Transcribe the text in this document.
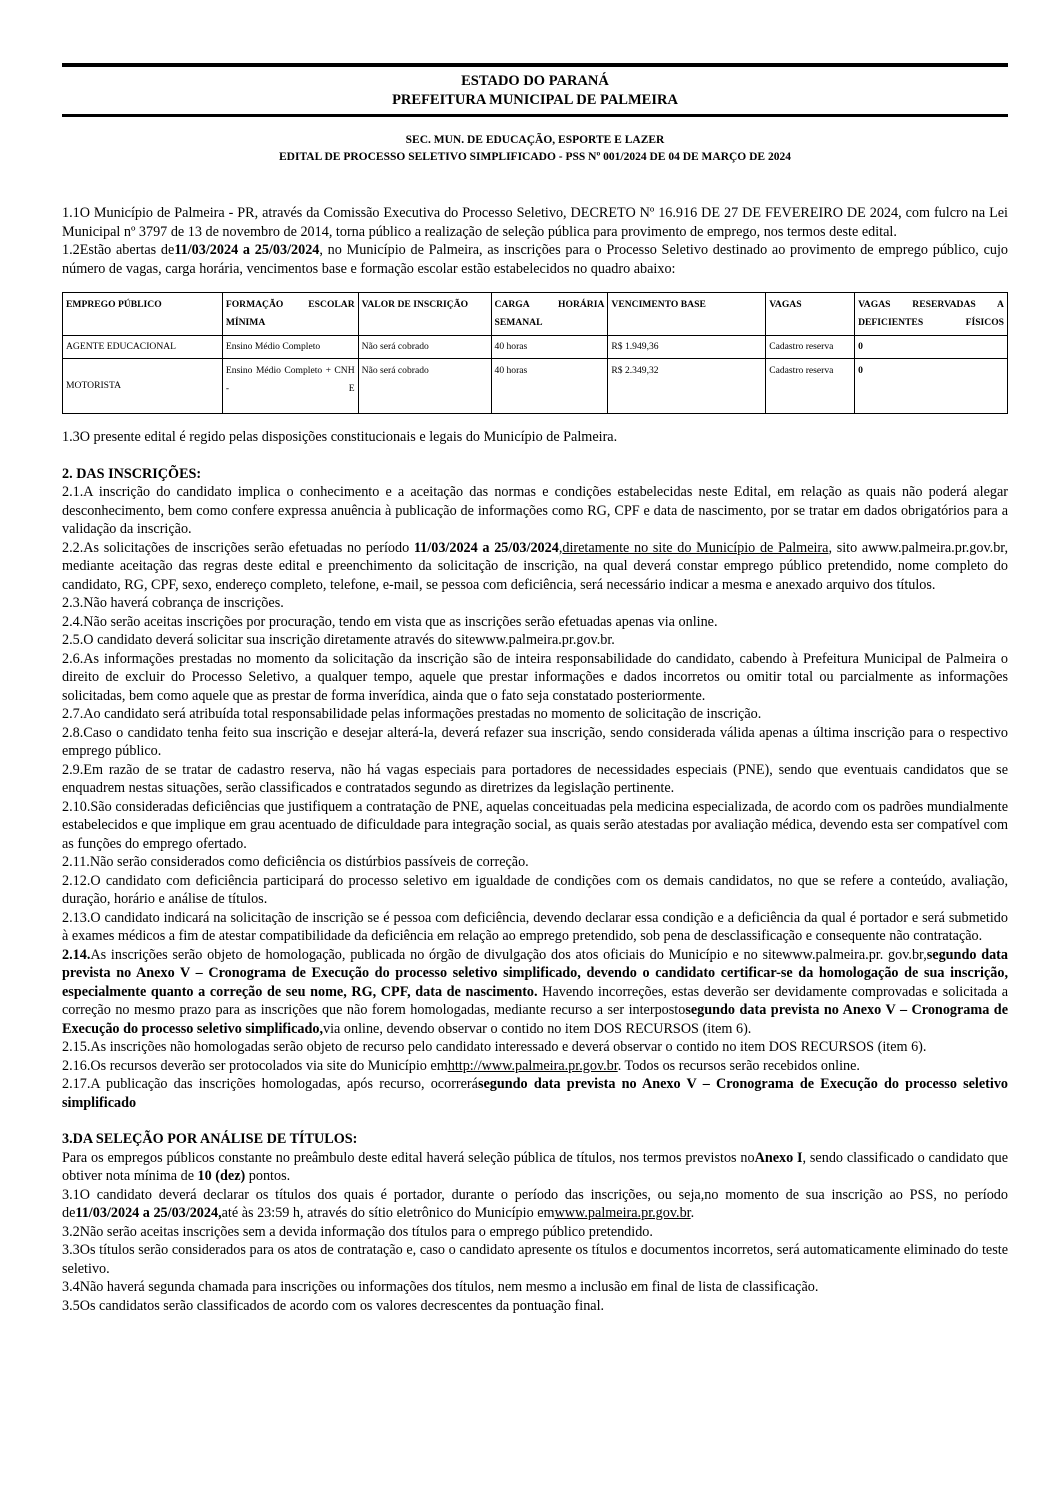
ESTADO DO PARANÁ
PREFEITURA MUNICIPAL DE PALMEIRA
SEC. MUN. DE EDUCAÇÃO, ESPORTE E LAZER
EDITAL DE PROCESSO SELETIVO SIMPLIFICADO - PSS Nº 001/2024 DE 04 DE MARÇO DE 2024

1.1O Município de Palmeira - PR, através da Comissão Executiva do Processo Seletivo, DECRETO Nº 16.916 DE 27 DE FEVEREIRO DE 2024, com fulcro na Lei Municipal nº 3797 de 13 de novembro de 2014, torna público a realização de seleção pública para provimento de emprego, nos termos deste edital.

1.2Estão abertas de11/03/2024 a 25/03/2024, no Município de Palmeira, as inscrições para o Processo Seletivo destinado ao provimento de emprego público, cujo número de vagas, carga horária, vencimentos base e formação escolar estão estabelecidos no quadro abaixo:

EMPREGO PÚBLICO	FORMAÇÃO ESCOLAR MÍNIMA	VALOR DE INSCRIÇÃO	CARGA HORÁRIA SEMANAL	VENCIMENTO BASE	VAGAS	VAGAS RESERVADAS A DEFICIENTES FÍSICOS
AGENTE EDUCACIONAL	Ensino Médio Completo	Não será cobrado	40 horas	R$ 1.949,36	Cadastro reserva	0
MOTORISTA	Ensino Médio Completo + CNH - E	Não será cobrado	40 horas	R$ 2.349,32	Cadastro reserva	0

1.3O presente edital é regido pelas disposições constitucionais e legais do Município de Palmeira.

2. DAS INSCRIÇÕES:

2.1.A inscrição do candidato implica o conhecimento e a aceitação das normas e condições estabelecidas neste Edital, em relação as quais não poderá alegar desconhecimento, bem como confere expressa anuência à publicação de informações como RG, CPF e data de nascimento, por se tratar em dados obrigatórios para a validação da inscrição.

2.2.As solicitações de inscrições serão efetuadas no período 11/03/2024 a 25/03/2024,diretamente no site do Município de Palmeira, sito awww.palmeira.pr.gov.br, mediante aceitação das regras deste edital e preenchimento da solicitação de inscrição, na qual deverá constar emprego público pretendido, nome completo do candidato, RG, CPF, sexo, endereço completo, telefone, e-mail, se pessoa com deficiência, será necessário indicar a mesma e anexado arquivo dos títulos.

2.3.Não haverá cobrança de inscrições.

2.4.Não serão aceitas inscrições por procuração, tendo em vista que as inscrições serão efetuadas apenas via online.

2.5.O candidato deverá solicitar sua inscrição diretamente através do sitewww.palmeira.pr.gov.br.

2.6.As informações prestadas no momento da solicitação da inscrição são de inteira responsabilidade do candidato, cabendo à Prefeitura Municipal de Palmeira o direito de excluir do Processo Seletivo, a qualquer tempo, aquele que prestar informações e dados incorretos ou omitir total ou parcialmente as informações solicitadas, bem como aquele que as prestar de forma inverídica, ainda que o fato seja constatado posteriormente.

2.7.Ao candidato será atribuída total responsabilidade pelas informações prestadas no momento de solicitação de inscrição.

2.8.Caso o candidato tenha feito sua inscrição e desejar alterá-la, deverá refazer sua inscrição, sendo considerada válida apenas a última inscrição para o respectivo emprego público.

2.9.Em razão de se tratar de cadastro reserva, não há vagas especiais para portadores de necessidades especiais (PNE), sendo que eventuais candidatos que se enquadrem nestas situações, serão classificados e contratados segundo as diretrizes da legislação pertinente.

2.10.São consideradas deficiências que justifiquem a contratação de PNE, aquelas conceituadas pela medicina especializada, de acordo com os padrões mundialmente estabelecidos e que implique em grau acentuado de dificuldade para integração social, as quais serão atestadas por avaliação médica, devendo esta ser compatível com as funções do emprego ofertado.

2.11.Não serão considerados como deficiência os distúrbios passíveis de correção.

2.12.O candidato com deficiência participará do processo seletivo em igualdade de condições com os demais candidatos, no que se refere a conteúdo, avaliação, duração, horário e análise de títulos.

2.13.O candidato indicará na solicitação de inscrição se é pessoa com deficiência, devendo declarar essa condição e a deficiência da qual é portador e será submetido à exames médicos a fim de atestar compatibilidade da deficiência em relação ao emprego pretendido, sob pena de desclassificação e consequente não contratação.

2.14.As inscrições serão objeto de homologação, publicada no órgão de divulgação dos atos oficiais do Município e no sitewww.palmeira.pr. gov.br,segundo data prevista no Anexo V – Cronograma de Execução do processo seletivo simplificado, devendo o candidato certificar-se da homologação de sua inscrição, especialmente quanto a correção de seu nome, RG, CPF, data de nascimento. Havendo incorreções, estas deverão ser devidamente comprovadas e solicitada a correção no mesmo prazo para as inscrições que não forem homologadas, mediante recurso a ser interpostosegundo data prevista no Anexo V – Cronograma de Execução do processo seletivo simplificado,via online, devendo observar o contido no item DOS RECURSOS (item 6).

2.15.As inscrições não homologadas serão objeto de recurso pelo candidato interessado e deverá observar o contido no item DOS RECURSOS (item 6).

2.16.Os recursos deverão ser protocolados via site do Município emhttp://www.palmeira.pr.gov.br. Todos os recursos serão recebidos online.

2.17.A publicação das inscrições homologadas, após recurso, ocorrerásegundo data prevista no Anexo V – Cronograma de Execução do processo seletivo simplificado

3.DA SELEÇÃO POR ANÁLISE DE TÍTULOS:

Para os empregos públicos constante no preâmbulo deste edital haverá seleção pública de títulos, nos termos previstos noAnexo I, sendo classificado o candidato que obtiver nota mínima de 10 (dez) pontos.

3.1O candidato deverá declarar os títulos dos quais é portador, durante o período das inscrições, ou seja,no momento de sua inscrição ao PSS, no período de11/03/2024 a 25/03/2024,até às 23:59 h, através do sítio eletrônico do Município emwww.palmeira.pr.gov.br.

3.2Não serão aceitas inscrições sem a devida informação dos títulos para o emprego público pretendido.

3.3Os títulos serão considerados para os atos de contratação e, caso o candidato apresente os títulos e documentos incorretos, será automaticamente eliminado do teste seletivo.

3.4Não haverá segunda chamada para inscrições ou informações dos títulos, nem mesmo a inclusão em final de lista de classificação.

3.5Os candidatos serão classificados de acordo com os valores decrescentes da pontuação final.
